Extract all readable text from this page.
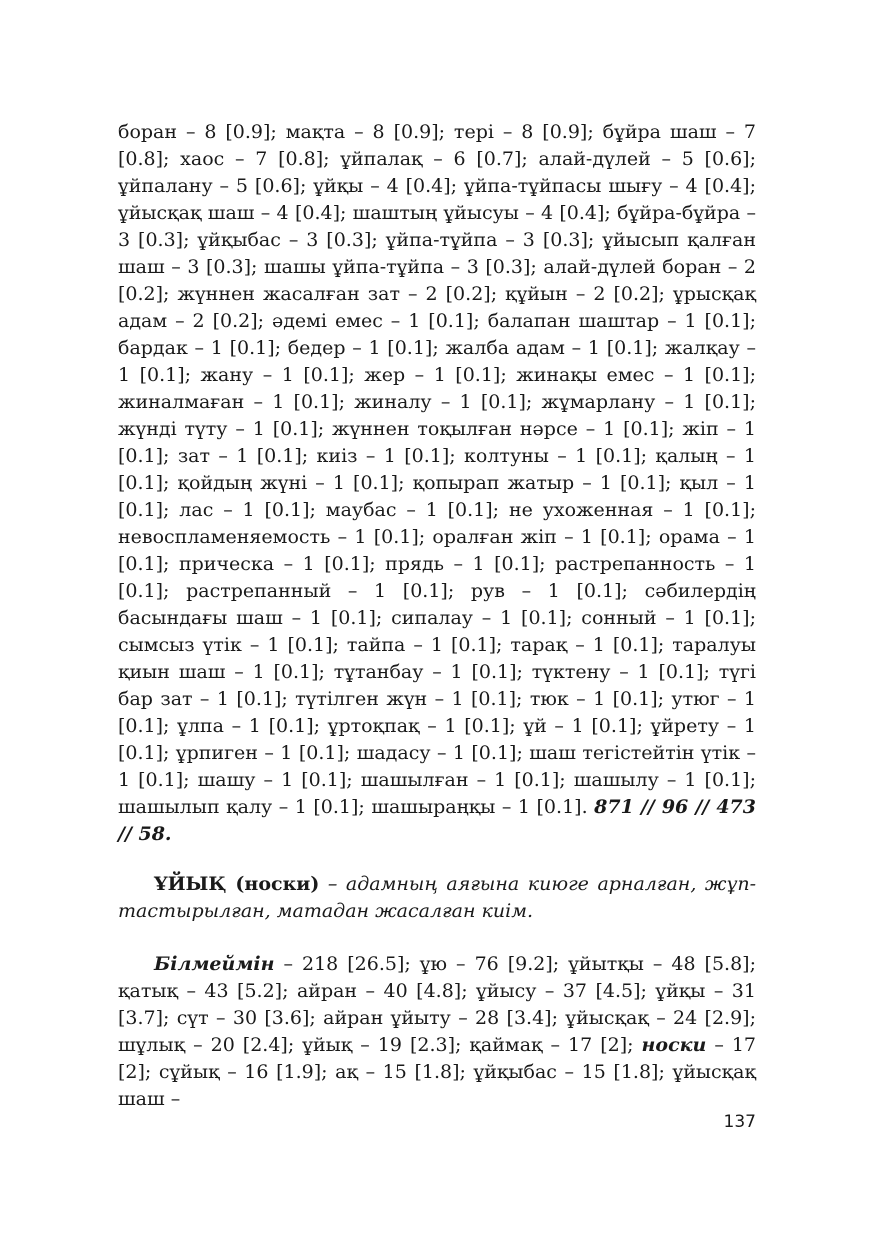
боран – 8 [0.9]; мақта – 8 [0.9]; тері – 8 [0.9]; бұйра шаш – 7 [0.8]; хаос – 7 [0.8]; ұйпалақ – 6 [0.7]; алай-дүлей – 5 [0.6]; ұйпалану – 5 [0.6]; ұйқы – 4 [0.4]; ұйпа-тұйпасы шығу – 4 [0.4]; ұйысқақ шаш – 4 [0.4]; шаштың ұйысуы – 4 [0.4]; бұйра-бұйра – 3 [0.3]; ұйқыбас – 3 [0.3]; ұйпа-тұйпа – 3 [0.3]; ұйысып қалған шаш – 3 [0.3]; шашы ұйпа-тұйпа – 3 [0.3]; алай-дүлей боран – 2 [0.2]; жүннен жасалған зат – 2 [0.2]; құйын – 2 [0.2]; ұрысқақ адам – 2 [0.2]; әдемі емес – 1 [0.1]; балапан шаштар – 1 [0.1]; бардак – 1 [0.1]; бедер – 1 [0.1]; жалба адам – 1 [0.1]; жалқау – 1 [0.1]; жану – 1 [0.1]; жер – 1 [0.1]; жинақы емес – 1 [0.1]; жиналмаған – 1 [0.1]; жиналу – 1 [0.1]; жұмарлану – 1 [0.1]; жүнді түту – 1 [0.1]; жүннен тоқылған нәрсе – 1 [0.1]; жіп – 1 [0.1]; зат – 1 [0.1]; киіз – 1 [0.1]; колтуны – 1 [0.1]; қалың – 1 [0.1]; қойдың жүні – 1 [0.1]; қопырап жатыр – 1 [0.1]; қыл – 1 [0.1]; лас – 1 [0.1]; маубас – 1 [0.1]; не ухоженная – 1 [0.1]; невоспламеняемость – 1 [0.1]; оралған жіп – 1 [0.1]; орама – 1 [0.1]; прическа – 1 [0.1]; прядь – 1 [0.1]; растрепанность – 1 [0.1]; растрепанный – 1 [0.1]; рув – 1 [0.1]; сәбилердің басындағы шаш – 1 [0.1]; сипалау – 1 [0.1]; сонный – 1 [0.1]; сымсыз үтік – 1 [0.1]; тайпа – 1 [0.1]; тарақ – 1 [0.1]; таралуы қиын шаш – 1 [0.1]; тұтанбау – 1 [0.1]; түктену – 1 [0.1]; түгі бар зат – 1 [0.1]; түтілген жүн – 1 [0.1]; тюк – 1 [0.1]; утюг – 1 [0.1]; ұлпа – 1 [0.1]; ұртоқпақ – 1 [0.1]; ұй – 1 [0.1]; ұйрету – 1 [0.1]; ұрпиген – 1 [0.1]; шадасу – 1 [0.1]; шаш тегістейтін үтік – 1 [0.1]; шашу – 1 [0.1]; шашылған – 1 [0.1]; шашылу – 1 [0.1]; шашылып қалу – 1 [0.1]; шашыраңқы – 1 [0.1]. 871 // 96 // 473 // 58.

ҰЙЫҚ (носки) – адамның аяғына киюге арналған, жұптастырылған, матадан жасалған киім.

Білмеймін – 218 [26.5]; ұю – 76 [9.2]; ұйытқы – 48 [5.8]; қатық – 43 [5.2]; айран – 40 [4.8]; ұйысу – 37 [4.5]; ұйқы – 31 [3.7]; сүт – 30 [3.6]; айран ұйыту – 28 [3.4]; ұйысқақ – 24 [2.9]; шұлық – 20 [2.4]; ұйық – 19 [2.3]; қаймақ – 17 [2]; носки – 17 [2]; сұйық – 16 [1.9]; ақ – 15 [1.8]; ұйқыбас – 15 [1.8]; ұйысқақ шаш –

137
